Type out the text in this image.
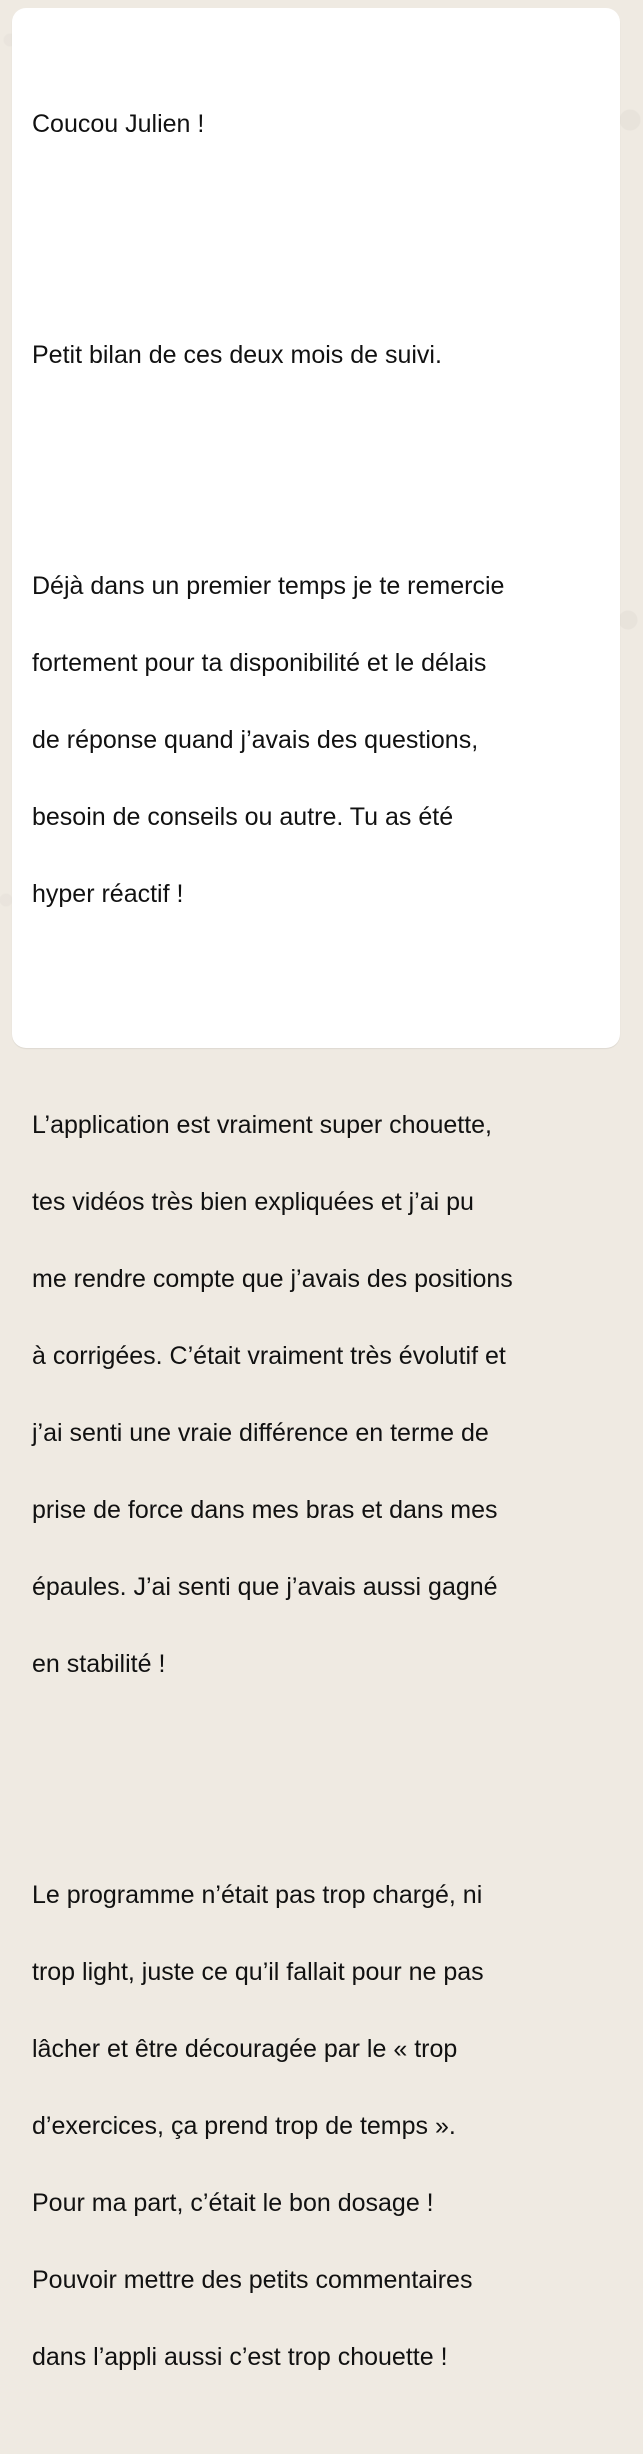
Coucou Julien !

Petit bilan de ces deux mois de suivi.

Déjà dans un premier temps je te remercie

fortement pour ta disponibilité et le délais

de réponse quand j’avais des questions,

besoin de conseils ou autre. Tu as été

hyper réactif !

L’application est vraiment super chouette,

tes vidéos très bien expliquées et j’ai pu

me rendre compte que j’avais des positions

à corrigées. C’était vraiment très évolutif et

j’ai senti une vraie différence en terme de

prise de force dans mes bras et dans mes

épaules. J’ai senti que j’avais aussi gagné

en stabilité !

Le programme n’était pas trop chargé, ni

trop light, juste ce qu’il fallait pour ne pas

lâcher et être découragée par le « trop

d’exercices, ça prend trop de temps ».

Pour ma part, c’était le bon dosage !

Pouvoir mettre des petits commentaires

dans l’appli aussi c’est trop chouette !
